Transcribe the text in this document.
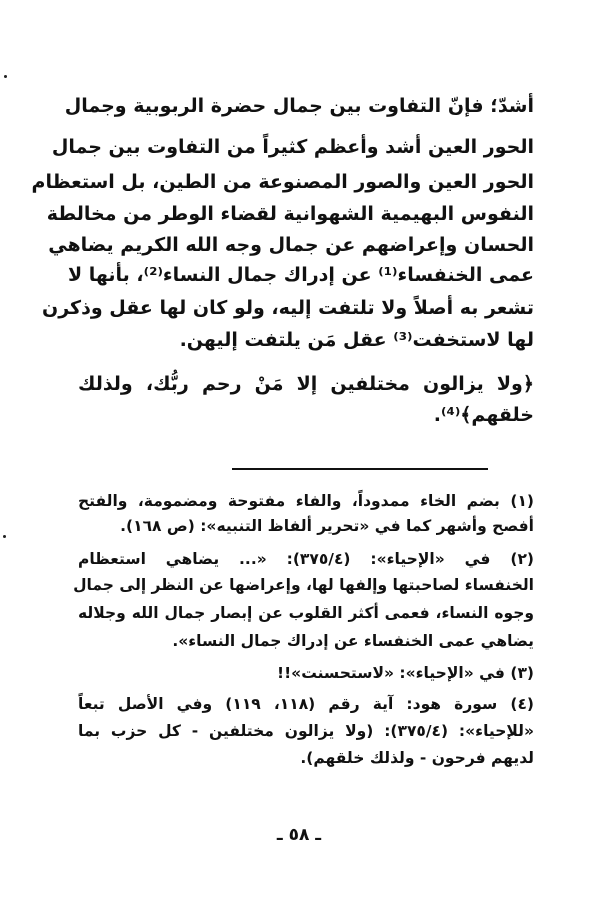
أشدّ؛ فإنّ التفاوت بين جمال حضرة الربوبية وجمال
الحور العين أشد وأعظم كثيراً من التفاوت بين جمال
الحور العين والصور المصنوعة من الطين، بل استعظام
النفوس البهيمية الشهوانية لقضاء الوطر من مخالطة
الحسان وإعراضهم عن جمال وجه الله الكريم يضاهي
عمى الخنفساء⁽¹⁾ عن إدراك جمال النساء⁽²⁾، بأنها لا
تشعر به أصلاً ولا تلتفت إليه، ولو كان لها عقل وذكرن
لها لاستخفت⁽³⁾ عقل مَن يلتفت إليهن.
﴿ولا يزالون مختلفين إلا مَنْ رحم ربُّك، ولذلك
خلقهم﴾⁽⁴⁾.
(١) بضم الخاء ممدوداً، والفاء مفتوحة ومضمومة، والفتح
أفصح وأشهر كما في «تحرير ألفاظ التنبيه»: (ص ١٦٨).
(٢) في «الإحياء»: (٣٧٥/٤): «... يضاهي استعظام
الخنفساء لصاحبتها وإلفها لها، وإعراضها عن النظر إلى جمال
وجوه النساء، فعمى أكثر القلوب عن إبصار جمال الله وجلاله
يضاهي عمى الخنفساء عن إدراك جمال النساء».
(٣) في «الإحياء»: «لاستحسنت»!!
(٤) سورة هود: آية رقم (١١٨، ١١٩) وفي الأصل تبعاً
«للإحياء»: (٣٧٥/٤): (ولا يزالون مختلفين - كل حزب بما
لديهم فرحون - ولذلك خلقهم).
ـ ٥٨ ـ
